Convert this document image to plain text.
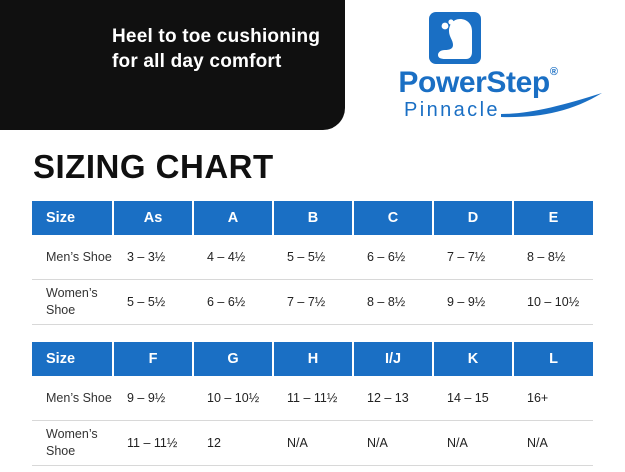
Heel to toe cushioning for all day comfort
PowerStep®
Pinnacle
SIZING CHART
Size	As	A	B	C	D	E
Men’s Shoe	3 – 3½	4 – 4½	5 – 5½	6 – 6½	7 – 7½	8 – 8½
Women’s Shoe	5 – 5½	6 – 6½	7 – 7½	8 – 8½	9 – 9½	10 – 10½
Size	F	G	H	I/J	K	L
Men’s Shoe	9 – 9½	10 – 10½	11 – 11½	12 – 13	14 – 15	16+
Women’s Shoe	11 – 11½	12	N/A	N/A	N/A	N/A
